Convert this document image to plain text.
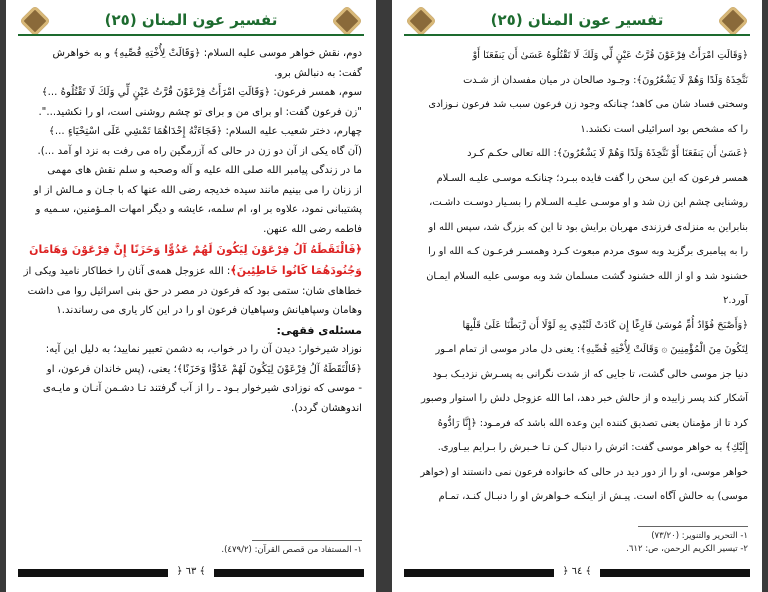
تفسير عون المنان (٢٥)

دوم، نقش خواهر موسی علیه السلام: ﴿وَقَالَتْ لِأُخْتِهِ قُصِّيهِ﴾ و به خواهرش

گفت: به دنبالش برو.

سوم، همسر فرعون: ﴿وَقَالَتِ امْرَأَتُ فِرْعَوْنَ قُرَّتُ عَيْنٍ لِّي وَلَكَ لَا تَقْتُلُوهُ ...﴾

"زن فرعون گفت: او برای من و برای تو چشم روشنی است، او را نکشید...".

چهارم، دختر شعیب علیه السلام: ﴿فَجَاءَتْهُ إِحْدَاهُمَا تَمْشِي عَلَى اسْتِحْيَاءٍ ...﴾

(آن گاه یکی از آن دو زن در حالی که آزرمگین راه می رفت به نزد او آمد ...).

ما در زندگی پیامبر الله صلی الله علیه و آله وصحبه و سلم نقش های مهمی

از زنان را می بینیم مانند سیده خدیجه رضی الله عنها که با جـان و مـالش از او

پشتیبانی نمود، علاوه بر او، ام سلمه، عایشه و دیگر امهات المـؤمنین، سـمیه و

فاطمه رضی الله عنهن.

﴿فَالْتَقَطَهُ آلُ فِرْعَوْنَ لِيَكُونَ لَهُمْ عَدُوًّا وَحَزَنًا إِنَّ فِرْعَوْنَ وَهَامَانَ

وَجُنُودَهُمَا كَانُوا خَاطِئِينَ﴾: الله عزوجل همه‌ی آنان را خطاکار نامید ویکی از

خطاهای شان: ستمی بود که فرعون در مصر در حق بنی اسرائیل روا می داشت

وهامان وسپاهیانش وسپاهیان فرعون او را در این کار یاری می رساندند.١

مسئله‌ی فقهی:

نوزاد شیرخوار: دیدن آن را در خواب، به دشمن تعبیر نمایید؛ به دلیل این آیه:

﴿فَالْتَقَطَهُ آلُ فِرْعَوْنَ لِيَكُونَ لَهُمْ عَدُوًّا وَحَزَنًا﴾؛ یعنی، (پس خاندان فرعون، او

- موسی که نوزادی شیرخوار بـود ـ را از آب گرفتند تـا دشـمن آنـان و مایـه‌ی

اندوهشان گردد).

١- المستفاد من قصص القرآن: (٤٧٩/٢).
﴿ ٦٣ ﴾
تفسير عون المنان (٢٥)

﴿وَقَالَتِ امْرَأَتُ فِرْعَوْنَ قُرَّتُ عَيْنٍ لِّي وَلَكَ لَا تَقْتُلُوهُ عَسَىٰ أَن يَنفَعَنَا أَوْ

نَتَّخِذَهُ وَلَدًا وَهُمْ لَا يَشْعُرُونَ﴾: وجـود صالحان در میان مفسدان از شـدت

وسختی فساد شان می کاهد؛ چنانکه وجود زن فرعون سبب شد فرعون نـوزادی

را که مشخص بود اسرائیلی است نکشد.١

﴿عَسَىٰ أَن يَنفَعَنَا أَوْ نَتَّخِذَهُ وَلَدًا وَهُمْ لَا يَشْعُرُونَ﴾: الله تعالی حکـم کـرد

همسر فرعون که این سخن را گفت فایده ببـرد؛ چنانکـه موسـی علیـه السـلام

روشنایی چشم این زن شد و او موسـی علیـه السـلام را بسـیار دوسـت داشـت،

بنابراین به منزله‌ی فرزندی مهربان برایش بود تا این که بزرگ شد، سپس الله او

را به پیامبری برگزید وبه سوی مردم مبعوث کـرد وهمسـر فرعـون کـه الله او را

خشنود شد و او از الله خشنود گشت مسلمان شد وبه موسی علیه السلام ایمـان

آورد.٢

﴿وَأَصْبَحَ فُؤَادُ أُمِّ مُوسَىٰ فَارِغًا إِن كَادَتْ لَتُبْدِي بِهِ لَوْلَا أَن رَّبَطْنَا عَلَىٰ قَلْبِهَا

لِتَكُونَ مِنَ الْمُؤْمِنِينَ ۞ وَقَالَتْ لِأُخْتِهِ قُصِّيهِ﴾: یعنی دل مادر موسی از تمام امـور

دنیا جز موسی خالی گشت، تا جایی که از شدت نگرانی به پسـرش نزدیـک بـود

آشکار کند پسر زاییده و از حالش خبر دهد، اما الله عزوجل دلش را استوار وصبور

کرد تا از مؤمنان یعنی تصدیق کننده این وعده الله باشد که فرمـود: ﴿إِنَّا رَادُّوهُ

إِلَيْكِ﴾ به خواهر موسی گفت: اثرش را دنبال کـن تـا خـبرش را بـرایم بیـاوری.

خواهر موسی، او را از دور دید در حالی که خانواده فرعون نمی دانستند او (خواهر

موسی) به حالش آگاه است. پیـش از اینکـه خـواهرش او را دنبـال کنـد، تمـام

١- التحریر والتنویر: (٧٣/٢٠)
٢- تیسیر الکریم الرحمن، ص: ٦١٢.
﴿ ٦٤ ﴾
